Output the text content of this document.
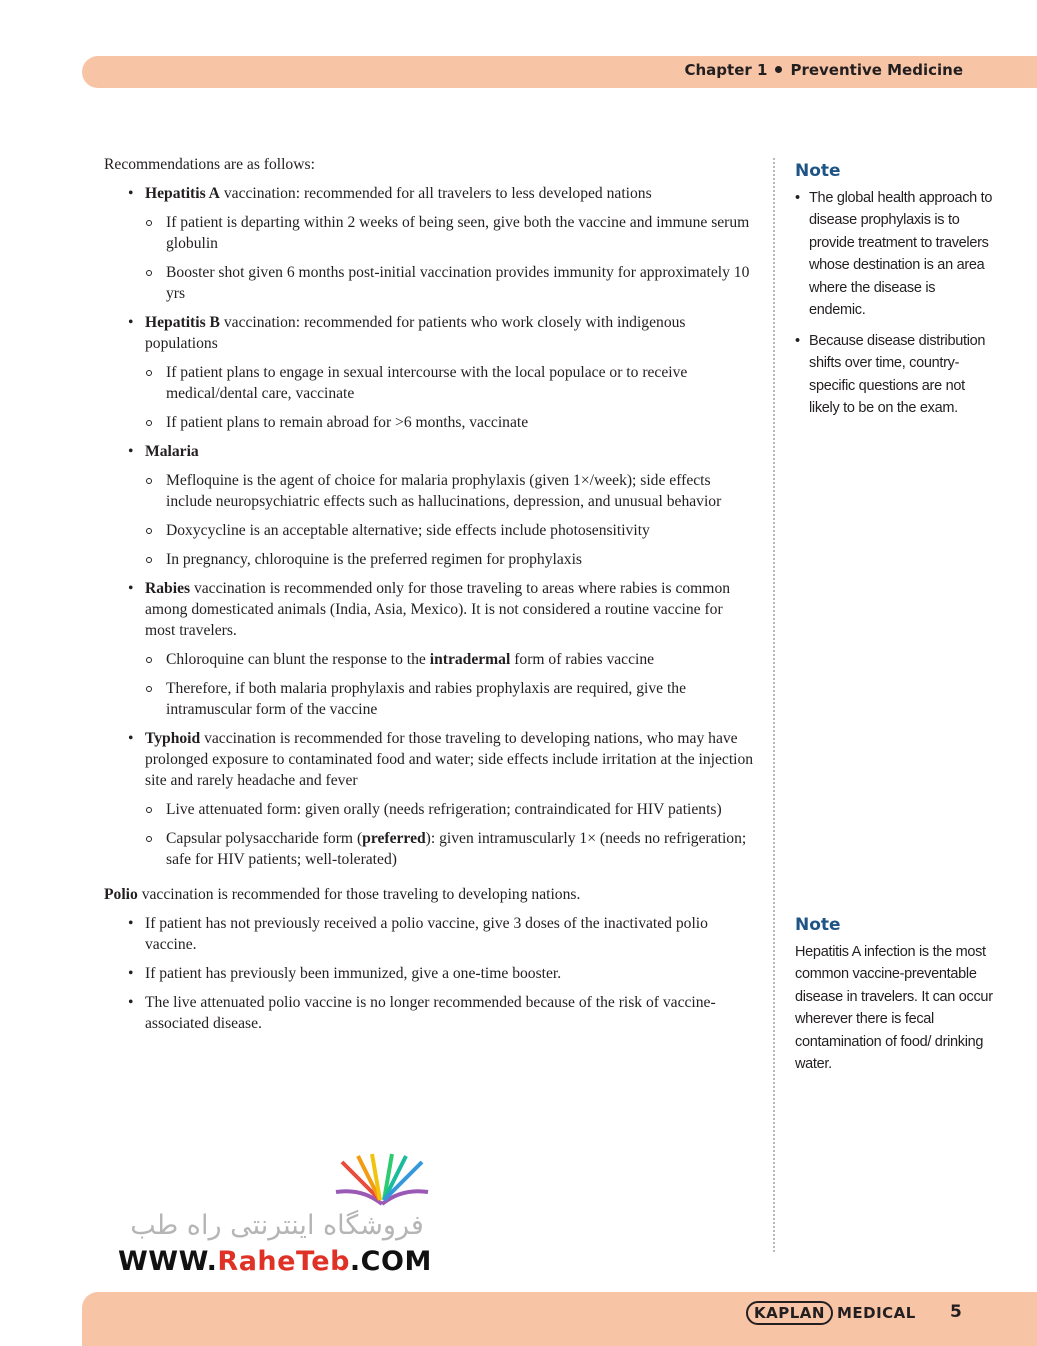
Chapter 1 Preventive Medicine

Recommendations are as follows:

• Hepatitis A vaccination: recommended for all travelers to less developed nations
If patient is departing within 2 weeks of being seen, give both the vaccine and immune serum globulin
Booster shot given 6 months post-initial vaccination provides immunity for approximately 10 yrs
• Hepatitis B vaccination: recommended for patients who work closely with indigenous populations
If patient plans to engage in sexual intercourse with the local populace or to receive medical/dental care, vaccinate
If patient plans to remain abroad for >6 months, vaccinate
• Malaria
Mefloquine is the agent of choice for malaria prophylaxis (given 1×/week); side effects include neuropsychiatric effects such as hallucinations, depression, and unusual behavior
Doxycycline is an acceptable alternative; side effects include photosensitivity
In pregnancy, chloroquine is the preferred regimen for prophylaxis
• Rabies vaccination is recommended only for those traveling to areas where rabies is common among domesticated animals (India, Asia, Mexico). It is not considered a routine vaccine for most travelers.
Chloroquine can blunt the response to the intradermal form of rabies vaccine
Therefore, if both malaria prophylaxis and rabies prophylaxis are required, give the intramuscular form of the vaccine
• Typhoid vaccination is recommended for those traveling to developing nations, who may have prolonged exposure to contaminated food and water; side effects include irritation at the injection site and rarely headache and fever
Live attenuated form: given orally (needs refrigeration; contraindicated for HIV patients)
Capsular polysaccharide form (preferred): given intramuscularly 1× (needs no refrigeration; safe for HIV patients; well-tolerated)

Polio vaccination is recommended for those traveling to developing nations.

• If patient has not previously received a polio vaccine, give 3 doses of the inactivated polio vaccine.
• If patient has previously been immunized, give a one-time booster.
• The live attenuated polio vaccine is no longer recommended because of the risk of vaccine-associated disease.
Note
• The global health approach to disease prophylaxis is to provide treatment to travelers whose destination is an area where the disease is endemic.
• Because disease distribution shifts over time, country-specific questions are not likely to be on the exam.
Note

Hepatitis A infection is the most common vaccine-preventable disease in travelers. It can occur wherever there is fecal contamination of food/ drinking water.

فروشگاه اینترنتی راه طب
WWW.RaheTeb.COM
KAPLAN MEDICAL 5
